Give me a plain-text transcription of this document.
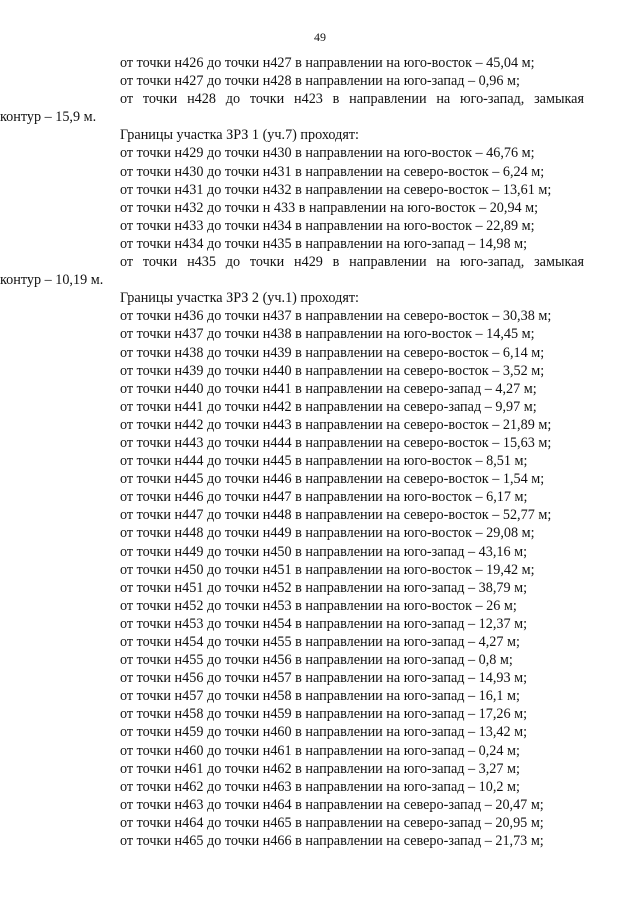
49
от точки н426 до точки н427 в направлении на юго-восток – 45,04 м;
от точки н427 до точки н428 в направлении на юго-запад – 0,96 м;
от точки н428 до точки н423 в направлении на юго-запад, замыкая
контур – 15,9 м.
Границы участка ЗРЗ 1 (уч.7) проходят:
от точки н429 до точки н430 в направлении на юго-восток – 46,76 м;
от точки н430 до точки н431 в направлении на северо-восток – 6,24 м;
от точки н431 до точки н432 в направлении на северо-восток – 13,61 м;
от точки н432 до точки н 433 в направлении на юго-восток – 20,94 м;
от точки н433 до точки н434 в направлении на юго-восток – 22,89 м;
от точки н434 до точки н435 в направлении на юго-запад – 14,98 м;
от точки н435 до точки н429 в направлении на юго-запад, замыкая
контур – 10,19 м.
Границы участка ЗРЗ 2 (уч.1) проходят:
от точки н436 до точки н437 в направлении на северо-восток – 30,38 м;
от точки н437 до точки н438 в направлении на юго-восток – 14,45 м;
от точки н438 до точки н439 в направлении на северо-восток – 6,14 м;
от точки н439 до точки н440 в направлении на северо-восток – 3,52 м;
от точки н440 до точки н441 в направлении на северо-запад – 4,27 м;
от точки н441 до точки н442 в направлении на северо-запад – 9,97 м;
от точки н442 до точки н443 в направлении на северо-восток – 21,89 м;
от точки н443 до точки н444 в направлении на северо-восток – 15,63 м;
от точки н444 до точки н445 в направлении на юго-восток – 8,51 м;
от точки н445 до точки н446 в направлении на северо-восток – 1,54 м;
от точки н446 до точки н447 в направлении на юго-восток – 6,17 м;
от точки н447 до точки н448 в направлении на северо-восток – 52,77 м;
от точки н448 до точки н449 в направлении на юго-восток – 29,08 м;
от точки н449 до точки н450 в направлении на юго-запад – 43,16 м;
от точки н450 до точки н451 в направлении на юго-восток – 19,42 м;
от точки н451 до точки н452 в направлении на юго-запад – 38,79 м;
от точки н452 до точки н453 в направлении на юго-восток – 26 м;
от точки н453 до точки н454 в направлении на юго-запад – 12,37 м;
от точки н454 до точки н455 в направлении на юго-запад – 4,27 м;
от точки н455 до точки н456 в направлении на юго-запад – 0,8 м;
от точки н456 до точки н457 в направлении на юго-запад – 14,93 м;
от точки н457 до точки н458 в направлении на юго-запад – 16,1 м;
от точки н458 до точки н459 в направлении на юго-запад – 17,26 м;
от точки н459 до точки н460 в направлении на юго-запад – 13,42 м;
от точки н460 до точки н461 в направлении на юго-запад – 0,24 м;
от точки н461 до точки н462 в направлении на юго-запад – 3,27 м;
от точки н462 до точки н463 в направлении на юго-запад – 10,2 м;
от точки н463 до точки н464 в направлении на северо-запад – 20,47 м;
от точки н464 до точки н465 в направлении на северо-запад – 20,95 м;
от точки н465 до точки н466 в направлении на северо-запад – 21,73 м;
